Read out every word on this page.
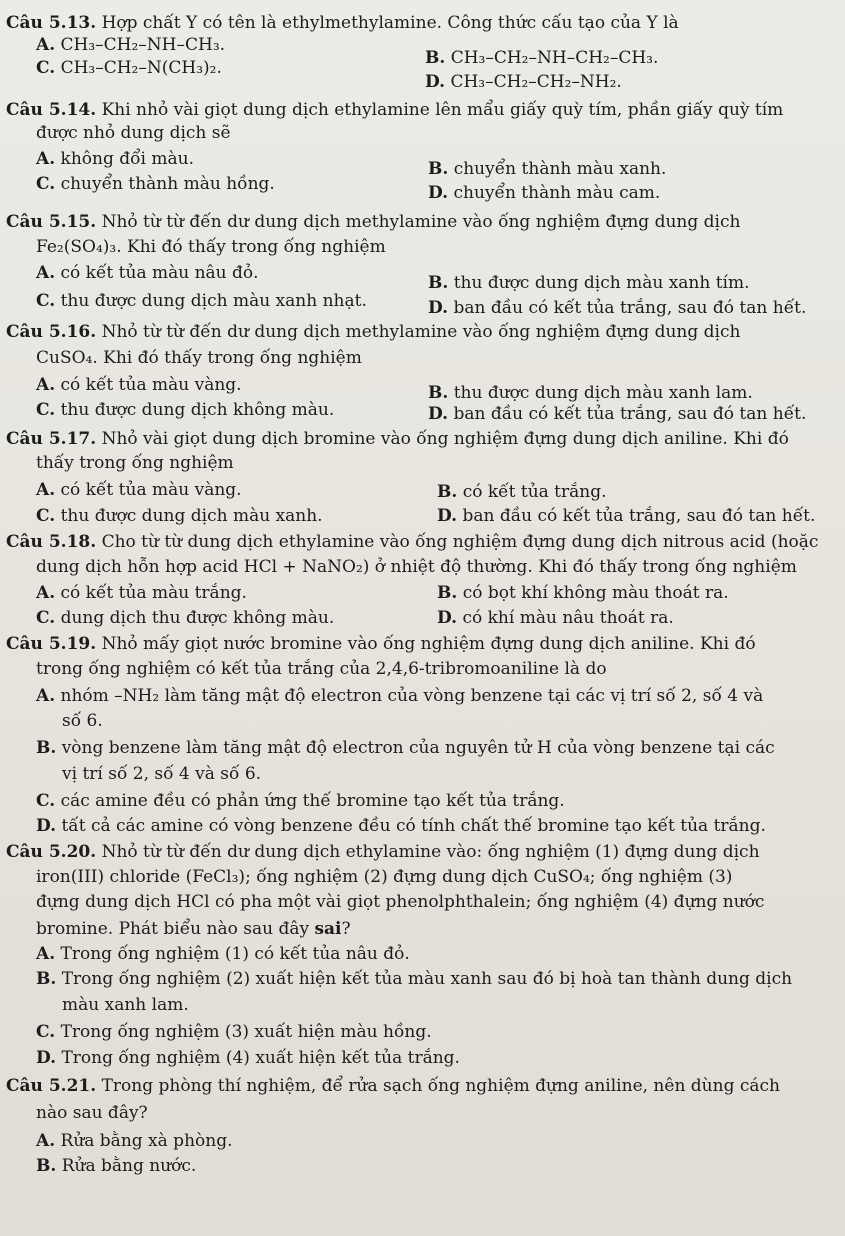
Câu 5.13. Hợp chất Y có tên là ethylmethylamine. Công thức cấu tạo của Y là
A. CH₃–CH₂–NH–CH₃.
B. CH₃–CH₂–NH–CH₂–CH₃.
C. CH₃–CH₂–N(CH₃)₂.
D. CH₃–CH₂–CH₂–NH₂.
Câu 5.14. Khi nhỏ vài giọt dung dịch ethylamine lên mẩu giấy quỳ tím, phần giấy quỳ tím
được nhỏ dung dịch sẽ
A. không đổi màu.	B. chuyển thành màu xanh.
C. chuyển thành màu hồng.	D. chuyển thành màu cam.
Câu 5.15. Nhỏ từ từ đến dư dung dịch methylamine vào ống nghiệm đựng dung dịch
Fe₂(SO₄)₃. Khi đó thấy trong ống nghiệm
A. có kết tủa màu nâu đỏ.	B. thu được dung dịch màu xanh tím.
C. thu được dung dịch màu xanh nhạt.	D. ban đầu có kết tủa trắng, sau đó tan hết.
Câu 5.16. Nhỏ từ từ đến dư dung dịch methylamine vào ống nghiệm đựng dung dịch
CuSO₄. Khi đó thấy trong ống nghiệm
A. có kết tủa màu vàng.	B. thu được dung dịch màu xanh lam.
C. thu được dung dịch không màu.	D. ban đầu có kết tủa trắng, sau đó tan hết.
Câu 5.17. Nhỏ vài giọt dung dịch bromine vào ống nghiệm đựng dung dịch aniline. Khi đó
thấy trong ống nghiệm
A. có kết tủa màu vàng.	B. có kết tủa trắng.
C. thu được dung dịch màu xanh.	D. ban đầu có kết tủa trắng, sau đó tan hết.
Câu 5.18. Cho từ từ dung dịch ethylamine vào ống nghiệm đựng dung dịch nitrous acid (hoặc
dung dịch hỗn hợp acid HCl + NaNO₂) ở nhiệt độ thường. Khi đó thấy trong ống nghiệm
A. có kết tủa màu trắng.	B. có bọt khí không màu thoát ra.
C. dung dịch thu được không màu.	D. có khí màu nâu thoát ra.
Câu 5.19. Nhỏ mấy giọt nước bromine vào ống nghiệm đựng dung dịch aniline. Khi đó
trong ống nghiệm có kết tủa trắng của 2,4,6-tribromoaniline là do
A. nhóm –NH₂ làm tăng mật độ electron của vòng benzene tại các vị trí số 2, số 4 và
số 6.
B. vòng benzene làm tăng mật độ electron của nguyên tử H của vòng benzene tại các
vị trí số 2, số 4 và số 6.
C. các amine đều có phản ứng thế bromine tạo kết tủa trắng.
D. tất cả các amine có vòng benzene đều có tính chất thế bromine tạo kết tủa trắng.
Câu 5.20. Nhỏ từ từ đến dư dung dịch ethylamine vào: ống nghiệm (1) đựng dung dịch
iron(III) chloride (FeCl₃); ống nghiệm (2) đựng dung dịch CuSO₄; ống nghiệm (3)
đựng dung dịch HCl có pha một vài giọt phenolphthalein; ống nghiệm (4) đựng nước
bromine. Phát biểu nào sau đây sai?
A. Trong ống nghiệm (1) có kết tủa nâu đỏ.
B. Trong ống nghiệm (2) xuất hiện kết tủa màu xanh sau đó bị hoà tan thành dung dịch
màu xanh lam.
C. Trong ống nghiệm (3) xuất hiện màu hồng.
D. Trong ống nghiệm (4) xuất hiện kết tủa trắng.
Câu 5.21. Trong phòng thí nghiệm, để rửa sạch ống nghiệm đựng aniline, nên dùng cách
nào sau đây?
A. Rửa bằng xà phòng.
B. Rửa bằng nước.
